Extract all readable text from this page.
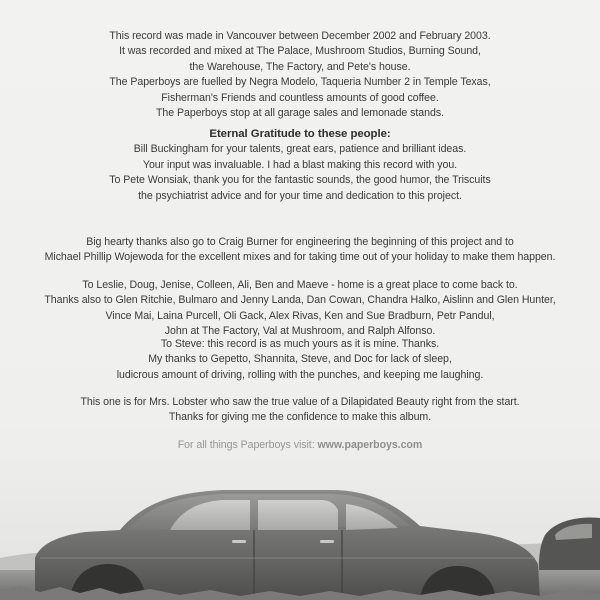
This record was made in Vancouver between December 2002 and February 2003.
It was recorded and mixed at The Palace, Mushroom Studios, Burning Sound,
the Warehouse, The Factory, and Pete's house.
The Paperboys are fuelled by Negra Modelo, Taqueria Number 2 in Temple Texas,
Fisherman's Friends and countless amounts of good coffee.
The Paperboys stop at all garage sales and lemonade stands.

Eternal Gratitude to these people:
Bill Buckingham for your talents, great ears, patience and brilliant ideas.
Your input was invaluable. I had a blast making this record with you.
To Pete Wonsiak, thank you for the fantastic sounds, the good humor, the Triscuits
the psychiatrist advice and for your time and dedication to this project.

Big hearty thanks also go to Craig Burner for engineering the beginning of this project and to
Michael Phillip Wojewoda for the excellent mixes and for taking time out of your holiday to make them happen.

To Leslie, Doug, Jenise, Colleen, Ali, Ben and Maeve - home is a great place to come back to.
Thanks also to Glen Ritchie, Bulmaro and Jenny Landa, Dan Cowan, Chandra Halko, Aislinn and Glen Hunter,
Vince Mai, Laina Purcell, Oli Gack, Alex Rivas, Ken and Sue Bradburn, Petr Pandul,
John at The Factory, Val at Mushroom, and Ralph Alfonso.

To Steve: this record is as much yours as it is mine. Thanks.
My thanks to Gepetto, Shannita, Steve, and Doc for lack of sleep,
ludicrous amount of driving, rolling with the punches, and keeping me laughing.

This one is for Mrs. Lobster who saw the true value of a Dilapidated Beauty right from the start.
Thanks for giving me the confidence to make this album.
